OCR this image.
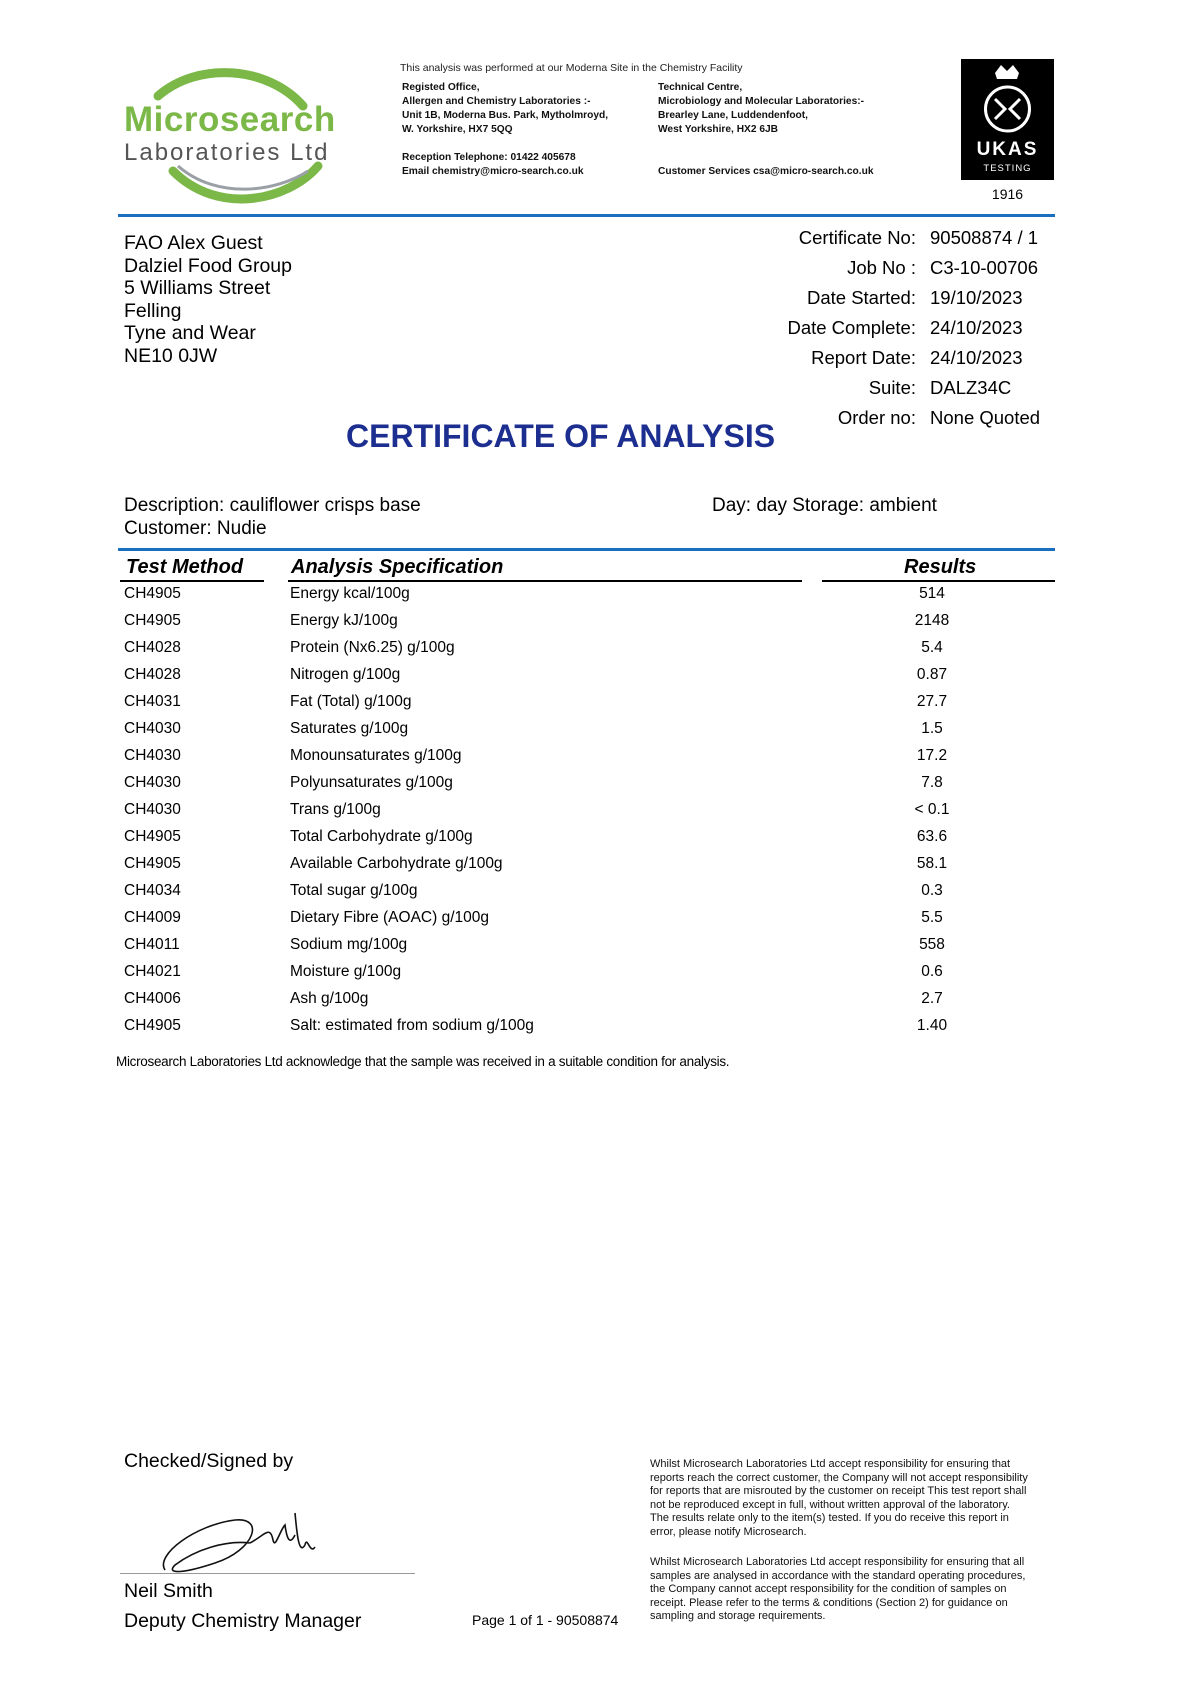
Microsearch
Laboratories Ltd
This analysis was performed at our Moderna Site in the Chemistry Facility
Registed Office,
Allergen and Chemistry Laboratories :-
Unit 1B, Moderna Bus. Park, Mytholmroyd,
W. Yorkshire, HX7 5QQ
Technical Centre,
Microbiology and Molecular Laboratories:-
Brearley Lane, Luddendenfoot,
West Yorkshire, HX2 6JB
Reception Telephone: 01422 405678
Email chemistry@micro-search.co.uk	Customer Services csa@micro-search.co.uk
UKAS
TESTING
1916
FAO Alex Guest
Dalziel Food Group
5 Williams Street
Felling
Tyne and Wear
NE10 0JW
Certificate No: 90508874 / 1
Job No : C3-10-00706
Date Started: 19/10/2023
Date Complete: 24/10/2023
Report Date: 24/10/2023
Suite: DALZ34C
Order no: None Quoted
CERTIFICATE OF ANALYSIS
Description: cauliflower crisps base
Customer: Nudie
Day: day Storage: ambient
Test Method Analysis Specification	Results
CH4905	Energy kcal/100g	514
CH4905	Energy kJ/100g	2148
CH4028	Protein (Nx6.25) g/100g	5.4
CH4028	Nitrogen g/100g	0.87
CH4031	Fat (Total) g/100g	27.7
CH4030	Saturates g/100g	1.5
CH4030	Monounsaturates g/100g	17.2
CH4030	Polyunsaturates g/100g	7.8
CH4030	Trans g/100g	< 0.1
CH4905	Total Carbohydrate g/100g	63.6
CH4905	Available Carbohydrate g/100g	58.1
CH4034	Total sugar g/100g	0.3
CH4009	Dietary Fibre (AOAC) g/100g	5.5
CH4011	Sodium mg/100g	558
CH4021	Moisture g/100g	0.6
CH4006	Ash g/100g	2.7
CH4905	Salt: estimated from sodium g/100g	1.40
Microsearch Laboratories Ltd acknowledge that the sample was received in a suitable condition for analysis.
Checked/Signed by
Neil Smith
Deputy Chemistry Manager	Page 1 of 1 - 90508874
Whilst Microsearch Laboratories Ltd accept responsibility for ensuring that
reports reach the correct customer, the Company will not accept responsibility
for reports that are misrouted by the customer on receipt This test report shall
not be reproduced except in full, without written approval of the laboratory.
The results relate only to the item(s) tested. If you do receive this report in
error, please notify Microsearch.
Whilst Microsearch Laboratories Ltd accept responsibility for ensuring that all
samples are analysed in accordance with the standard operating procedures,
the Company cannot accept responsibility for the condition of samples on
receipt. Please refer to the terms & conditions (Section 2) for guidance on
sampling and storage requirements.
